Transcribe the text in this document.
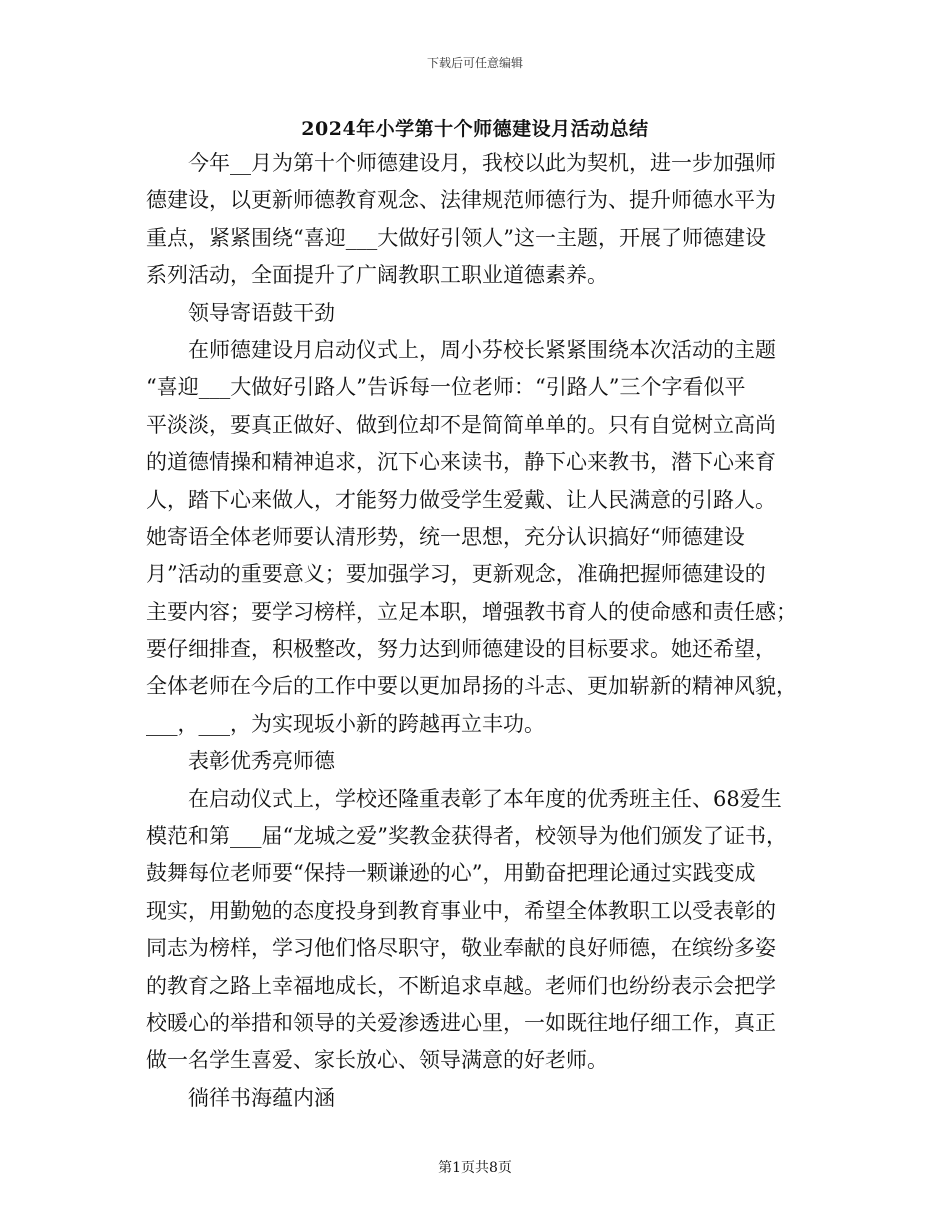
下载后可任意编辑
2024年小学第十个师德建设月活动总结
今年__月为第十个师德建设月，我校以此为契机，进一步加强师
德建设，以更新师德教育观念、法律规范师德行为、提升师德水平为
重点，紧紧围绕“喜迎___大做好引领人”这一主题，开展了师德建设
系列活动，全面提升了广阔教职工职业道德素养。
领导寄语鼓干劲
在师德建设月启动仪式上，周小芬校长紧紧围绕本次活动的主题
“喜迎___大做好引路人”告诉每一位老师：“引路人”三个字看似平
平淡淡，要真正做好、做到位却不是简简单单的。只有自觉树立高尚
的道德情操和精神追求，沉下心来读书，静下心来教书，潜下心来育
人，踏下心来做人，才能努力做受学生爱戴、让人民满意的引路人。
她寄语全体老师要认清形势，统一思想，充分认识搞好“师德建设
月”活动的重要意义；要加强学习，更新观念，准确把握师德建设的
主要内容；要学习榜样，立足本职，增强教书育人的使命感和责任感；
要仔细排查，积极整改，努力达到师德建设的目标要求。她还希望，
全体老师在今后的工作中要以更加昂扬的斗志、更加崭新的精神风貌，
___，___，为实现坂小新的跨越再立丰功。
表彰优秀亮师德
在启动仪式上，学校还隆重表彰了本年度的优秀班主任、68爱生
模范和第___届“龙城之爱”奖教金获得者，校领导为他们颁发了证书，
鼓舞每位老师要“保持一颗谦逊的心”，用勤奋把理论通过实践变成
现实，用勤勉的态度投身到教育事业中，希望全体教职工以受表彰的
同志为榜样，学习他们恪尽职守，敬业奉献的良好师德，在缤纷多姿
的教育之路上幸福地成长，不断追求卓越。老师们也纷纷表示会把学
校暖心的举措和领导的关爱渗透进心里，一如既往地仔细工作，真正
做一名学生喜爱、家长放心、领导满意的好老师。
徜徉书海蕴内涵
第1页共8页
